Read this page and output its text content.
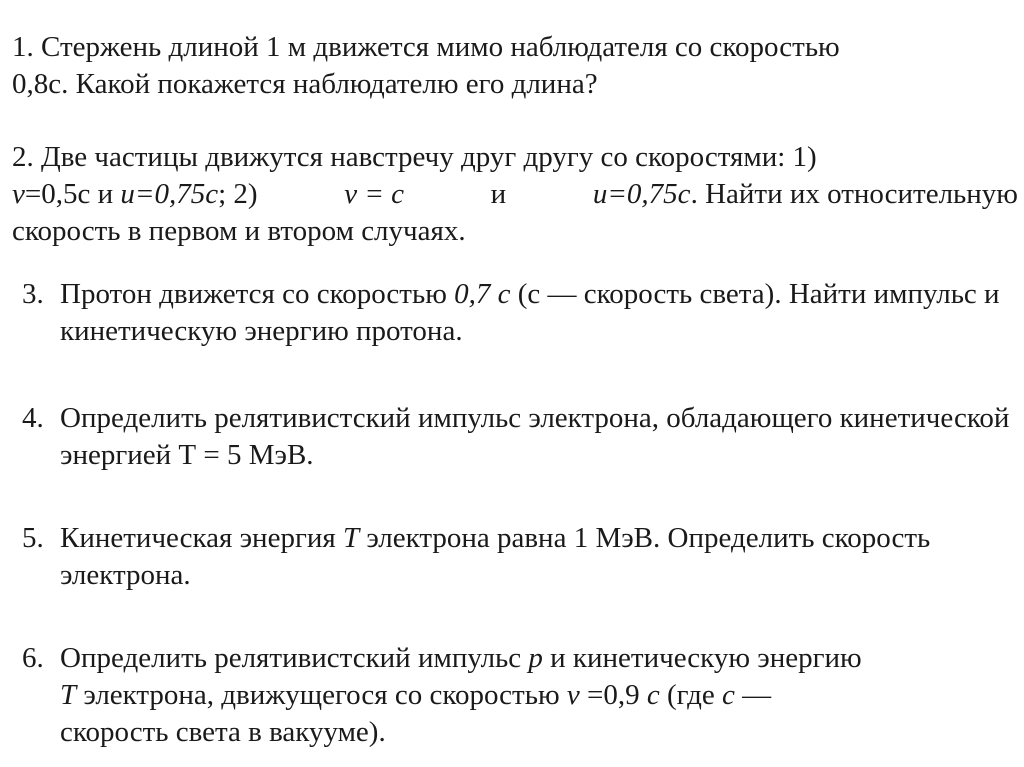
1. Стержень длиной 1 м движется мимо наблюдателя со скоростью
0,8с. Какой покажется наблюдателю его длина?
2. Две частицы движутся навстречу друг другу со скоростями: 1)
v=0,5с и u=0,75c; 2)	v = c	и	u=0,75c. Найти их относительную
скорость в первом и втором случаях.
3. Протон движется со скоростью 0,7 с (с — скорость света). Найти импульс и кинетическую энергию протона.
4. Определить релятивистский импульс электрона, обладающего кинетической энергией Т = 5 МэВ.
5. Кинетическая энергия T электрона равна 1 МэВ. Определить скорость электрона.
6. Определить релятивистский импульс p и кинетическую энергию
T электрона, движущегося со скоростью v =0,9 c (где c —
скорость света в вакууме).
